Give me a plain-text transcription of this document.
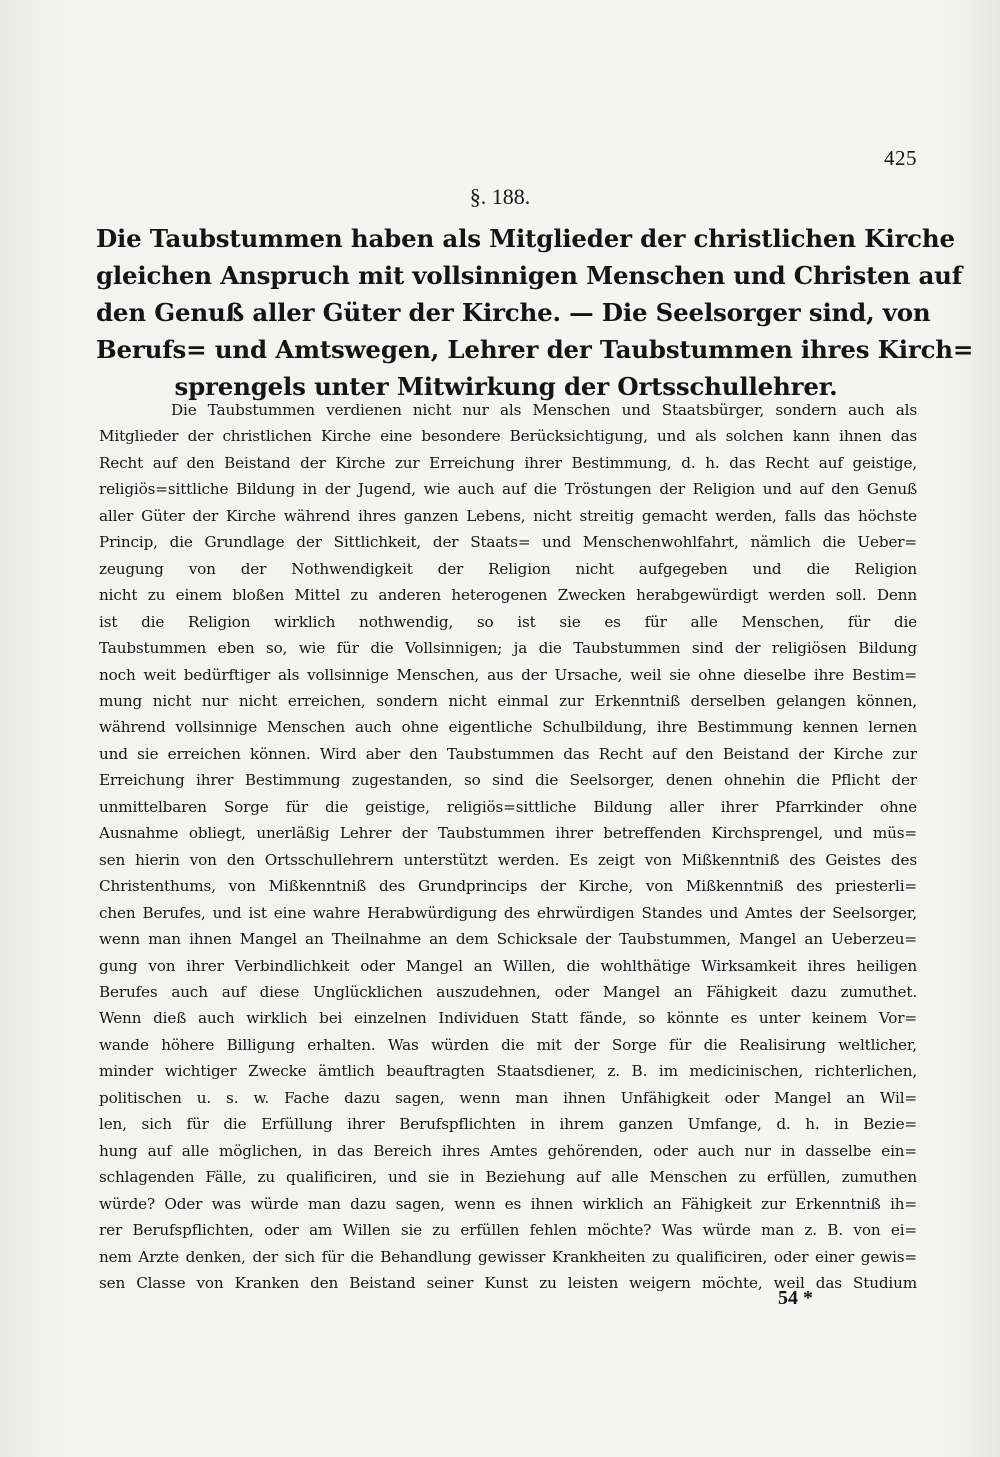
425
§. 188.
Die Taubstummen haben als Mitglieder der christlichen Kirche
gleichen Anspruch mit vollsinnigen Menschen und Christen auf
den Genuß aller Güter der Kirche. — Die Seelsorger sind, von
Berufs= und Amtswegen, Lehrer der Taubstummen ihres Kirch=
sprengels unter Mitwirkung der Ortsschullehrer.
Die Taubstummen verdienen nicht nur als Menschen und Staatsbürger, sondern auch als
Mitglieder der christlichen Kirche eine besondere Berücksichtigung, und als solchen kann ihnen das
Recht auf den Beistand der Kirche zur Erreichung ihrer Bestimmung, d. h. das Recht auf geistige,
religiös=sittliche Bildung in der Jugend, wie auch auf die Tröstungen der Religion und auf den Genuß
aller Güter der Kirche während ihres ganzen Lebens, nicht streitig gemacht werden, falls das höchste
Princip, die Grundlage der Sittlichkeit, der Staats= und Menschenwohlfahrt, nämlich die Ueber=
zeugung von der Nothwendigkeit der Religion nicht aufgegeben und die Religion
nicht zu einem bloßen Mittel zu anderen heterogenen Zwecken herabgewürdigt werden soll. Denn
ist die Religion wirklich nothwendig, so ist sie es für alle Menschen, für die
Taubstummen eben so, wie für die Vollsinnigen; ja die Taubstummen sind der religiösen Bildung
noch weit bedürftiger als vollsinnige Menschen, aus der Ursache, weil sie ohne dieselbe ihre Bestim=
mung nicht nur nicht erreichen, sondern nicht einmal zur Erkenntniß derselben gelangen können,
während vollsinnige Menschen auch ohne eigentliche Schulbildung, ihre Bestimmung kennen lernen
und sie erreichen können. Wird aber den Taubstummen das Recht auf den Beistand der Kirche zur
Erreichung ihrer Bestimmung zugestanden, so sind die Seelsorger, denen ohnehin die Pflicht der
unmittelbaren Sorge für die geistige, religiös=sittliche Bildung aller ihrer Pfarrkinder ohne
Ausnahme obliegt, unerläßig Lehrer der Taubstummen ihrer betreffenden Kirchsprengel, und müs=
sen hierin von den Ortsschullehrern unterstützt werden. Es zeigt von Mißkenntniß des Geistes des
Christenthums, von Mißkenntniß des Grundprincips der Kirche, von Mißkenntniß des priesterli=
chen Berufes, und ist eine wahre Herabwürdigung des ehrwürdigen Standes und Amtes der Seelsorger,
wenn man ihnen Mangel an Theilnahme an dem Schicksale der Taubstummen, Mangel an Ueberzeu=
gung von ihrer Verbindlichkeit oder Mangel an Willen, die wohlthätige Wirksamkeit ihres heiligen
Berufes auch auf diese Unglücklichen auszudehnen, oder Mangel an Fähigkeit dazu zumuthet.
Wenn dieß auch wirklich bei einzelnen Individuen Statt fände, so könnte es unter keinem Vor=
wande höhere Billigung erhalten. Was würden die mit der Sorge für die Realisirung weltlicher,
minder wichtiger Zwecke ämtlich beauftragten Staatsdiener, z. B. im medicinischen, richterlichen,
politischen u. s. w. Fache dazu sagen, wenn man ihnen Unfähigkeit oder Mangel an Wil=
len, sich für die Erfüllung ihrer Berufspflichten in ihrem ganzen Umfange, d. h. in Bezie=
hung auf alle möglichen, in das Bereich ihres Amtes gehörenden, oder auch nur in dasselbe ein=
schlagenden Fälle, zu qualificiren, und sie in Beziehung auf alle Menschen zu erfüllen, zumuthen
würde? Oder was würde man dazu sagen, wenn es ihnen wirklich an Fähigkeit zur Erkenntniß ih=
rer Berufspflichten, oder am Willen sie zu erfüllen fehlen möchte? Was würde man z. B. von ei=
nem Arzte denken, der sich für die Behandlung gewisser Krankheiten zu qualificiren, oder einer gewis=
sen Classe von Kranken den Beistand seiner Kunst zu leisten weigern möchte, weil das Studium
54 *
